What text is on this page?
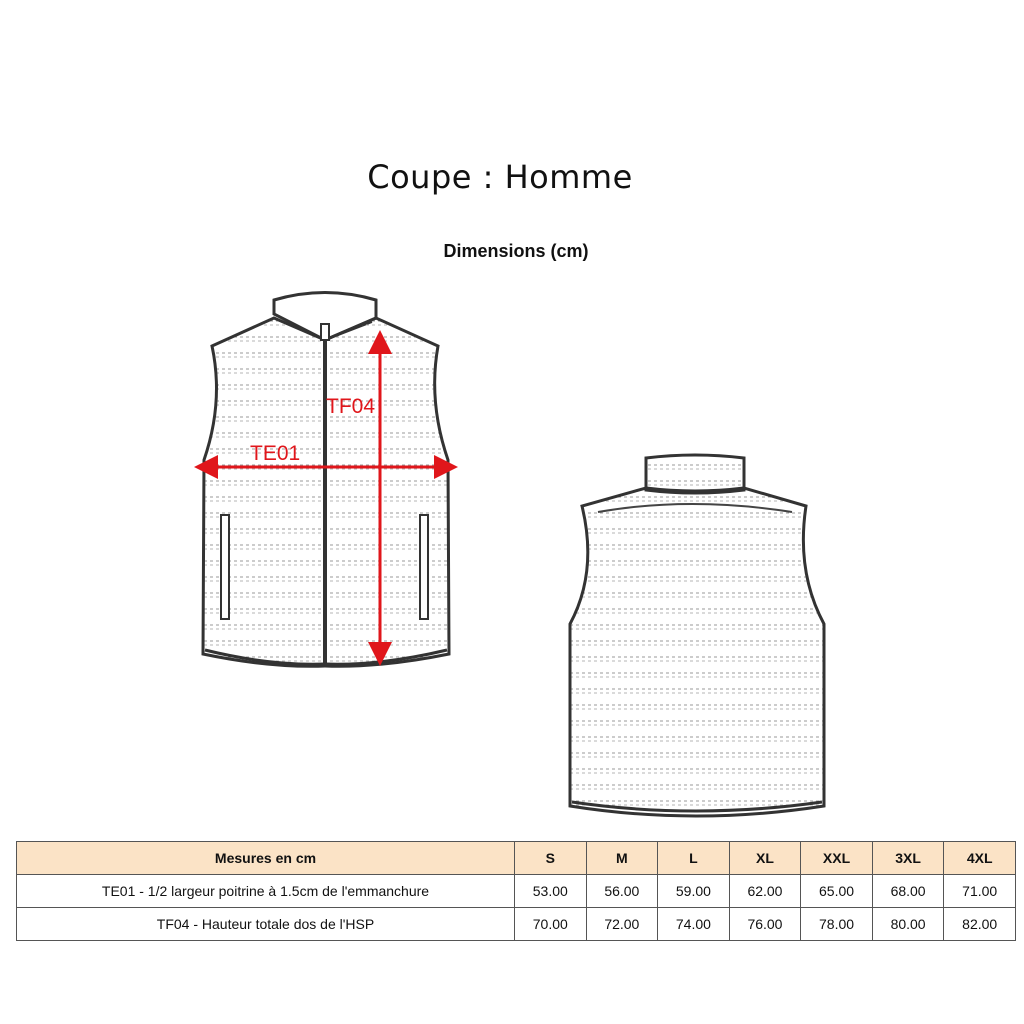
Coupe : Homme
Dimensions (cm)
TE01
TF04
Mesures en cm	S	M	L	XL	XXL	3XL	4XL
TE01 - 1/2 largeur poitrine à 1.5cm de l'emmanchure	53.00	56.00	59.00	62.00	65.00	68.00	71.00
TF04 - Hauteur totale dos de l'HSP	70.00	72.00	74.00	76.00	78.00	80.00	82.00
